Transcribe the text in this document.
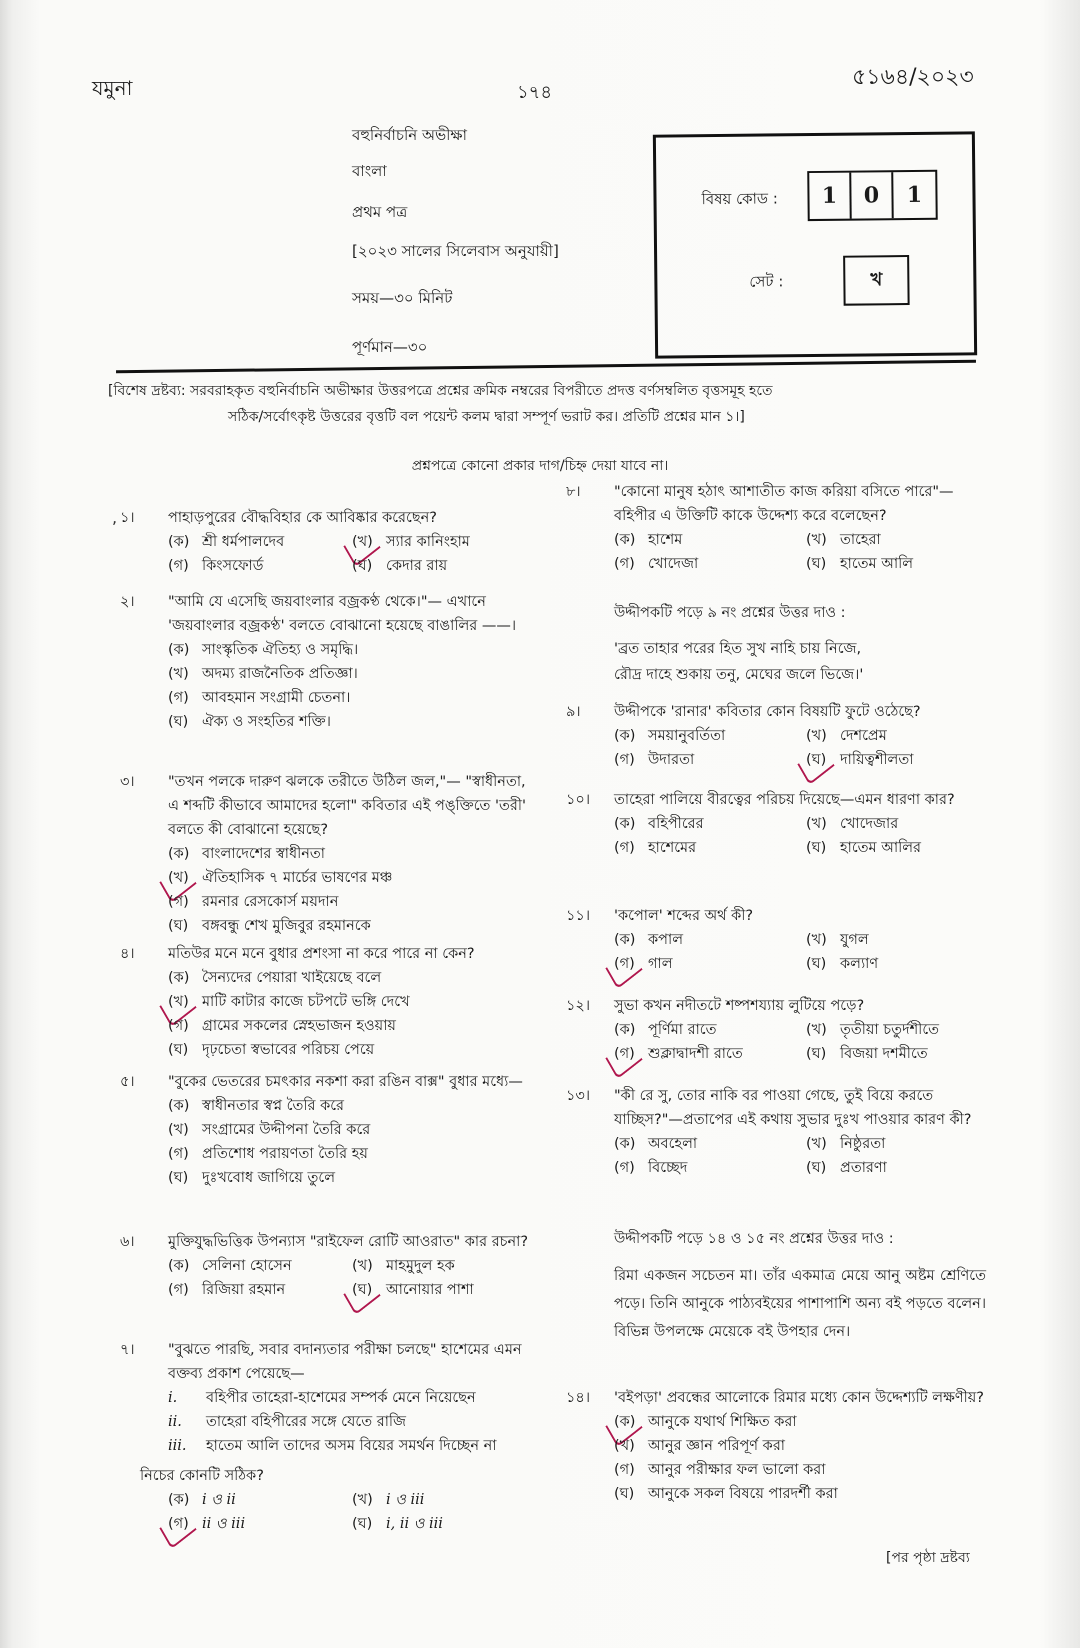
যমুনা	১৭৪
৫১৬৪/২০২৩
বহুনির্বাচনি অভীক্ষা
বাংলা
প্রথম পত্র
[২০২৩ সালের সিলেবাস অনুযায়ী]
সময়—৩০ মিনিট
পূর্ণমান—৩০
বিষয় কোড :	1	0	1
সেট :	খ
[বিশেষ দ্রষ্টব্য: সরবরাহকৃত বহুনির্বাচনি অভীক্ষার উত্তরপত্রে প্রশ্নের ক্রমিক নম্বরের বিপরীতে প্রদত্ত বর্ণসম্বলিত বৃত্তসমূহ হতে
সঠিক/সর্বোৎকৃষ্ট উত্তরের বৃত্তটি বল পয়েন্ট কলম দ্বারা সম্পূর্ণ ভরাট কর। প্রতিটি প্রশ্নের মান ১।]
প্রশ্নপত্রে কোনো প্রকার দাগ/চিহ্ন দেয়া যাবে না।
, ১।	পাহাড়পুরের বৌদ্ধবিহার কে আবিষ্কার করেছেন?
(ক) শ্রী ধর্মপালদেব	(খ) স্যার কানিংহাম
(গ) কিংসফোর্ড	(ঘ) কেদার রায়
২।	"আমি যে এসেছি জয়বাংলার বজ্রকণ্ঠ থেকে।"— এখানে 'জয়বাংলার বজ্রকণ্ঠ' বলতে বোঝানো হয়েছে বাঙালির ——।
(ক) সাংস্কৃতিক ঐতিহ্য ও সমৃদ্ধি।
(খ) অদম্য রাজনৈতিক প্রতিজ্ঞা।
(গ) আবহমান সংগ্রামী চেতনা।
(ঘ) ঐক্য ও সংহতির শক্তি।
৩।	"তখন পলকে দারুণ ঝলকে তরীতে উঠিল জল,"— "স্বাধীনতা, এ শব্দটি কীভাবে আমাদের হলো" কবিতার এই পঙ্‌ক্তিতে 'তরী' বলতে কী বোঝানো হয়েছে?
(ক) বাংলাদেশের স্বাধীনতা
(খ) ঐতিহাসিক ৭ মার্চের ভাষণের মঞ্চ
(গ) রমনার রেসকোর্স ময়দান
(ঘ) বঙ্গবন্ধু শেখ মুজিবুর রহমানকে
৪।	মতিউর মনে মনে বুধার প্রশংসা না করে পারে না কেন?
(ক) সৈন্যদের পেয়ারা খাইয়েছে বলে
(খ) মাটি কাটার কাজে চটপটে ভঙ্গি দেখে
(গ) গ্রামের সকলের স্নেহভাজন হওয়ায়
(ঘ) দৃঢ়চেতা স্বভাবের পরিচয় পেয়ে
৫।	"বুকের ভেতরের চমৎকার নকশা করা রঙিন বাক্স" বুধার মধ্যে—
(ক) স্বাধীনতার স্বপ্ন তৈরি করে
(খ) সংগ্রামের উদ্দীপনা তৈরি করে
(গ) প্রতিশোধ পরায়ণতা তৈরি হয়
(ঘ) দুঃখবোধ জাগিয়ে তুলে
৬।	মুক্তিযুদ্ধভিত্তিক উপন্যাস "রাইফেল রোটি আওরাত" কার রচনা?
(ক) সেলিনা হোসেন	(খ) মাহমুদুল হক
(গ) রিজিয়া রহমান	(ঘ) আনোয়ার পাশা
৭।	"বুঝতে পারছি, সবার বদান্যতার পরীক্ষা চলছে" হাশেমের এমন বক্তব্য প্রকাশ পেয়েছে—
i.	বহিপীর তাহেরা-হাশেমের সম্পর্ক মেনে নিয়েছেন
ii.	তাহেরা বহিপীরের সঙ্গে যেতে রাজি
iii.	হাতেম আলি তাদের অসম বিয়ের সমর্থন দিচ্ছেন না
নিচের কোনটি সঠিক?
(ক) i ও ii	(খ) i ও iii
(গ) ii ও iii	(ঘ) i, ii ও iii
৮।	"কোনো মানুষ হঠাৎ আশাতীত কাজ করিয়া বসিতে পারে"—বহিপীর এ উক্তিটি কাকে উদ্দেশ্য করে বলেছেন?
(ক) হাশেম	(খ) তাহেরা
(গ) খোদেজা	(ঘ) হাতেম আলি
উদ্দীপকটি পড়ে ৯ নং প্রশ্নের উত্তর দাও :
'ব্রত তাহার পরের হিত সুখ নাহি চায় নিজে,
রৌদ্র দাহে শুকায় তনু, মেঘের জলে ভিজে।'
৯।	উদ্দীপকে 'রানার' কবিতার কোন বিষয়টি ফুটে ওঠেছে?
(ক) সময়ানুবর্তিতা	(খ) দেশপ্রেম
(গ) উদারতা	(ঘ) দায়িত্বশীলতা
১০।	তাহেরা পালিয়ে বীরত্বের পরিচয় দিয়েছে—এমন ধারণা কার?
(ক) বহিপীরের	(খ) খোদেজার
(গ) হাশেমের	(ঘ) হাতেম আলির
১১।	'কপোল' শব্দের অর্থ কী?
(ক) কপাল	(খ) যুগল
(গ) গাল	(ঘ) কল্যাণ
১২।	সুভা কখন নদীতটে শষ্পশয্যায় লুটিয়ে পড়ে?
(ক) পূর্ণিমা রাতে	(খ) তৃতীয়া চতুর্দশীতে
(গ) শুক্লাদ্বাদশী রাতে	(ঘ) বিজয়া দশমীতে
১৩।	"কী রে সু, তোর নাকি বর পাওয়া গেছে, তুই বিয়ে করতে যাচ্ছিস?"—প্রতাপের এই কথায় সুভার দুঃখ পাওয়ার কারণ কী?
(ক) অবহেলা	(খ) নিষ্ঠুরতা
(গ) বিচ্ছেদ	(ঘ) প্রতারণা
উদ্দীপকটি পড়ে ১৪ ও ১৫ নং প্রশ্নের উত্তর দাও :
রিমা একজন সচেতন মা। তাঁর একমাত্র মেয়ে আনু অষ্টম শ্রেণিতে পড়ে। তিনি আনুকে পাঠ্যবইয়ের পাশাপাশি অন্য বই পড়তে বলেন। বিভিন্ন উপলক্ষে মেয়েকে বই উপহার দেন।
১৪।	'বইপড়া' প্রবন্ধের আলোকে রিমার মধ্যে কোন উদ্দেশ্যটি লক্ষণীয়?
(ক) আনুকে যথার্থ শিক্ষিত করা
(খ) আনুর জ্ঞান পরিপূর্ণ করা
(গ) আনুর পরীক্ষার ফল ভালো করা
(ঘ) আনুকে সকল বিষয়ে পারদর্শী করা
[পর পৃষ্ঠা দ্রষ্টব্য
